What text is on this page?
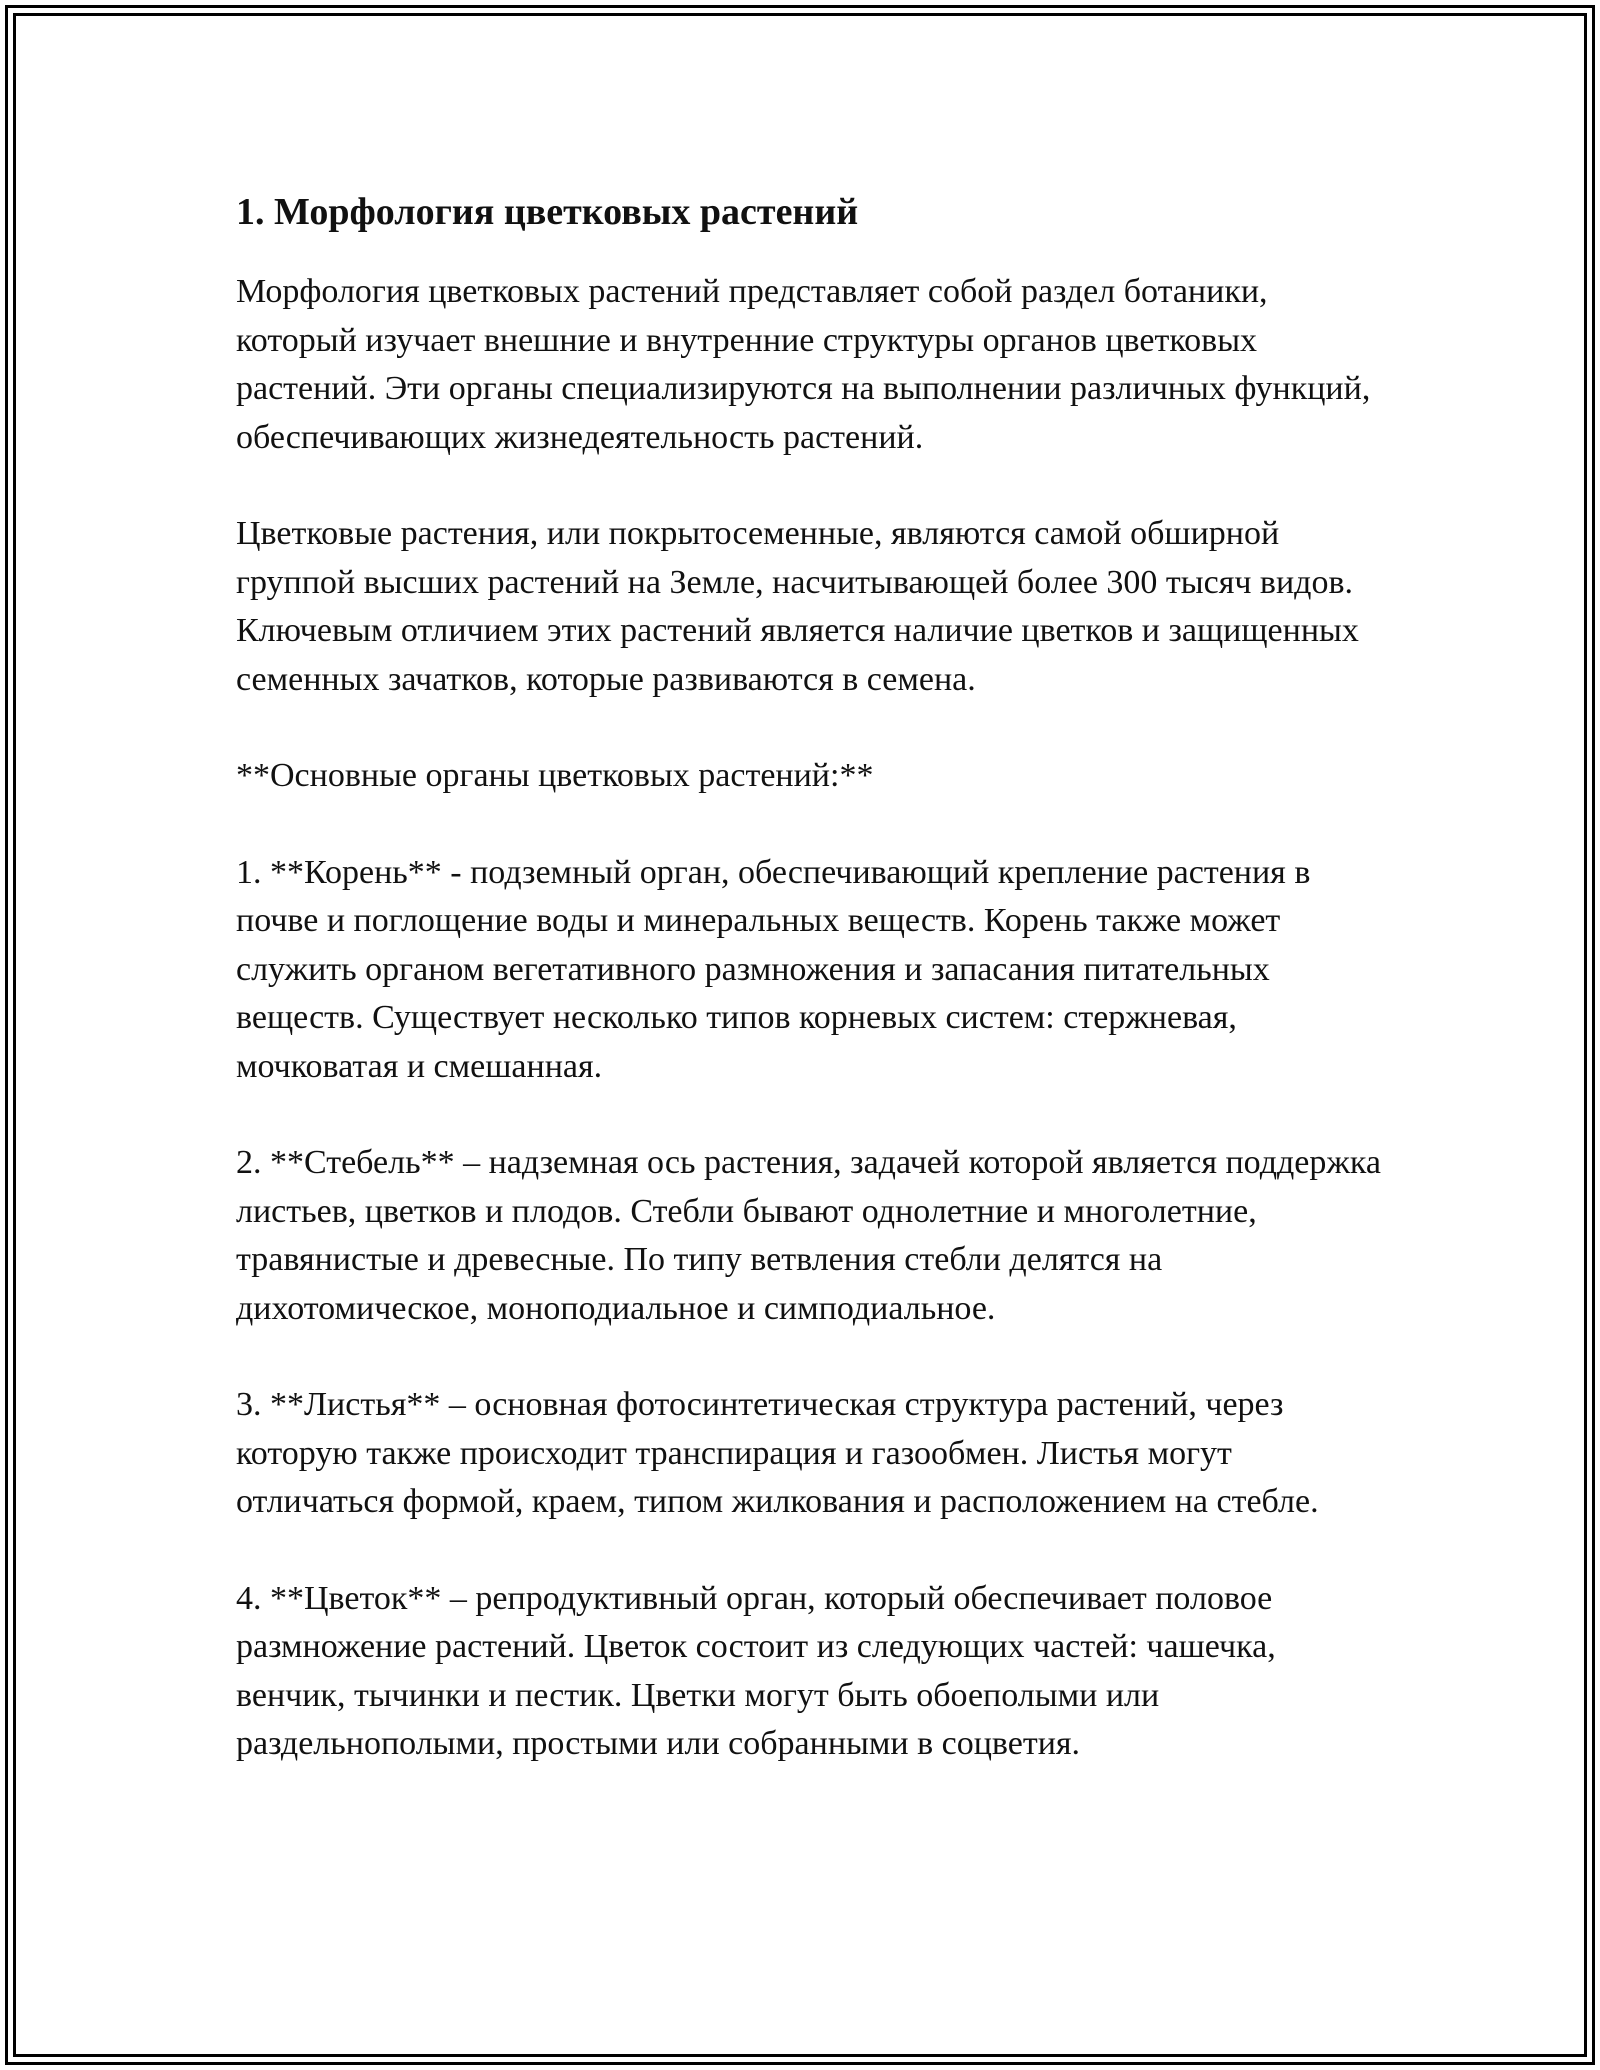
1. Морфология цветковых растений

Морфология цветковых растений представляет собой раздел ботаники, который изучает внешние и внутренние структуры органов цветковых растений. Эти органы специализируются на выполнении различных функций, обеспечивающих жизнедеятельность растений.

Цветковые растения, или покрытосеменные, являются самой обширной группой высших растений на Земле, насчитывающей более 300 тысяч видов. Ключевым отличием этих растений является наличие цветков и защищенных семенных зачатков, которые развиваются в семена.

**Основные органы цветковых растений:**

1. **Корень** - подземный орган, обеспечивающий крепление растения в почве и поглощение воды и минеральных веществ. Корень также может служить органом вегетативного размножения и запасания питательных веществ. Существует несколько типов корневых систем: стержневая, мочковатая и смешанная.

2. **Стебель** – надземная ось растения, задачей которой является поддержка листьев, цветков и плодов. Стебли бывают однолетние и многолетние, травянистые и древесные. По типу ветвления стебли делятся на дихотомическое, моноподиальное и симподиальное.

3. **Листья** – основная фотосинтетическая структура растений, через которую также происходит транспирация и газообмен. Листья могут отличаться формой, краем, типом жилкования и расположением на стебле.

4. **Цветок** – репродуктивный орган, который обеспечивает половое размножение растений. Цветок состоит из следующих частей: чашечка, венчик, тычинки и пестик. Цветки могут быть обоеполыми или раздельнополыми, простыми или собранными в соцветия.
